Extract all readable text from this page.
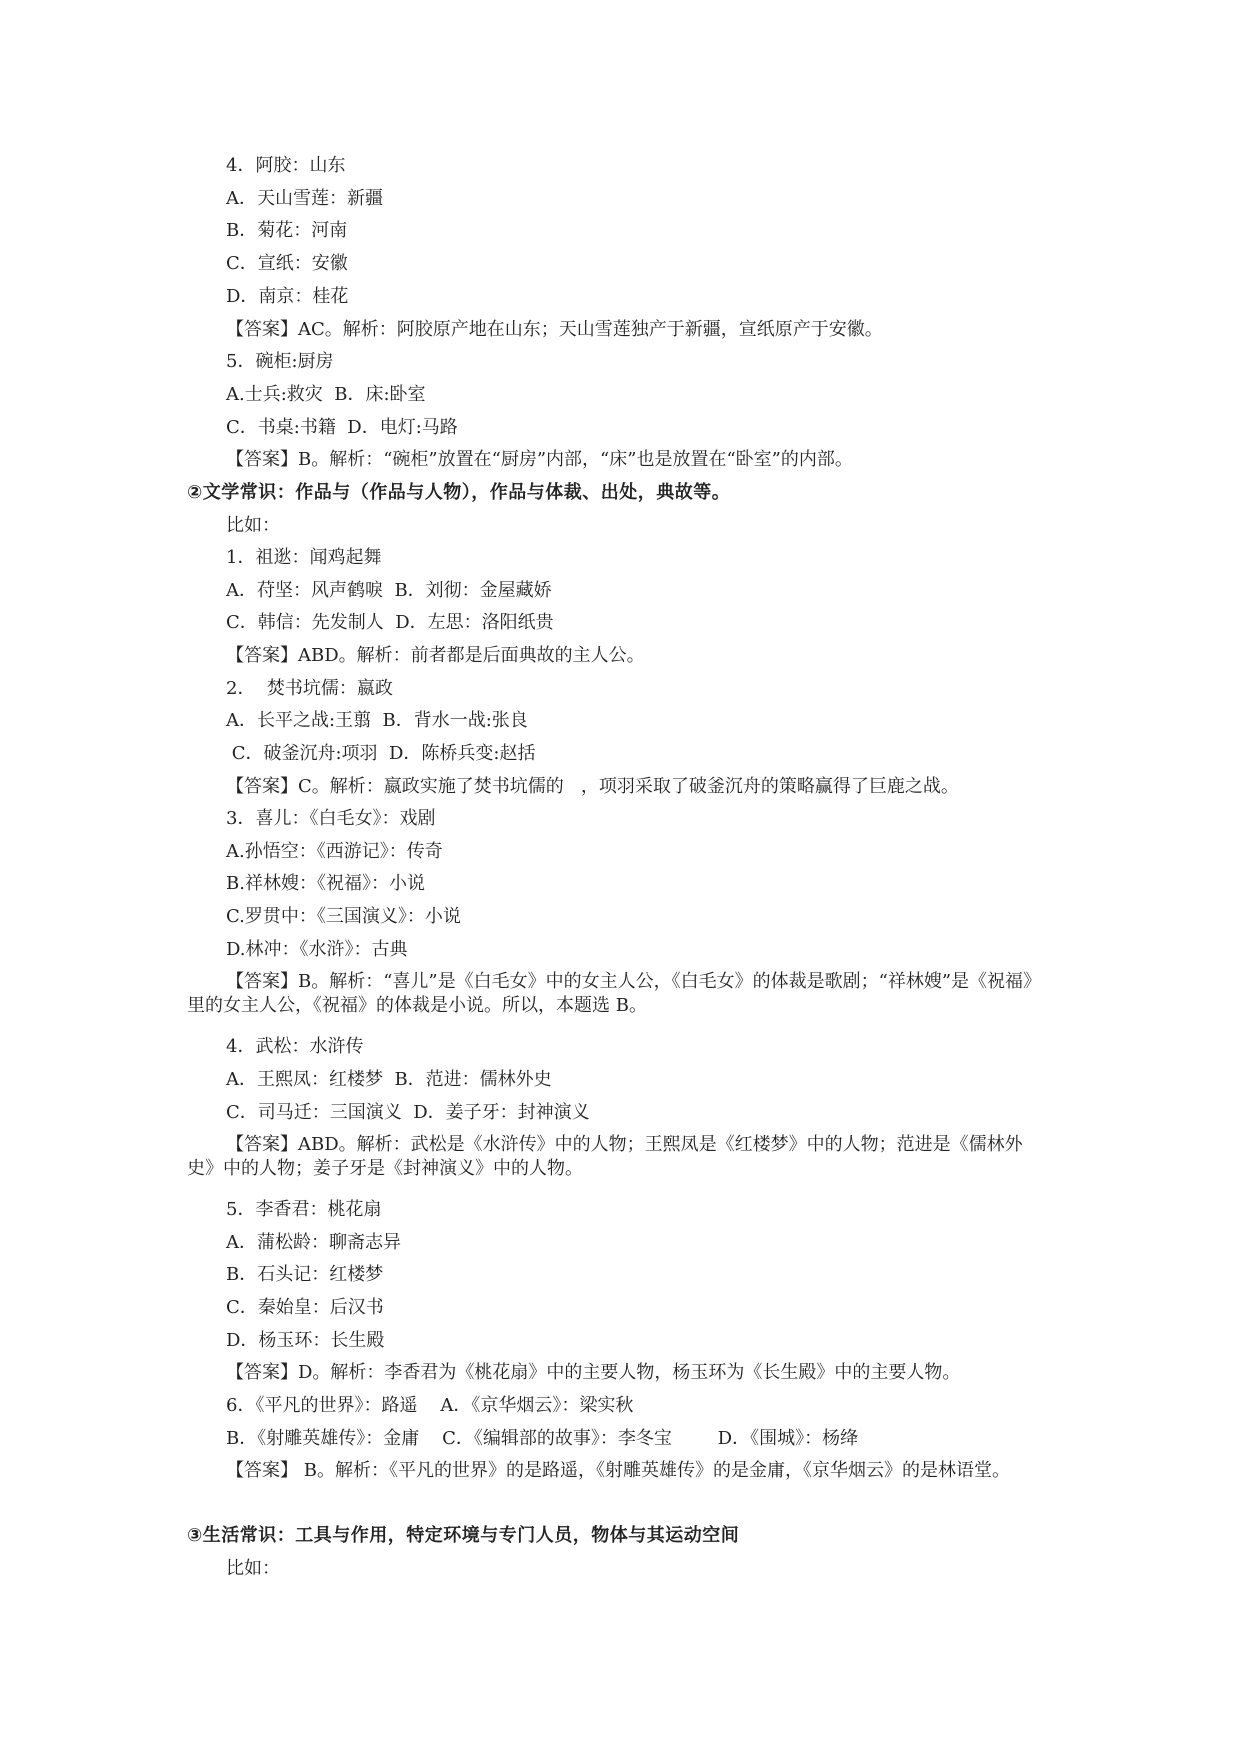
4．阿胶：山东
A．天山雪莲：新疆
B．菊花：河南
C．宣纸：安徽
D．南京：桂花
【答案】AC。解析：阿胶原产地在山东；天山雪莲独产于新疆，宣纸原产于安徽。
5．碗柜:厨房
A.士兵:救灾  B．床:卧室
C．书桌:书籍  D．电灯:马路
【答案】B。解析：“碗柜”放置在“厨房”内部，“床”也是放置在“卧室”的内部。
②文学常识：作品与（作品与人物），作品与体裁、出处，典故等。
比如：
1．祖逖：闻鸡起舞
A．苻坚：风声鹤唳  B．刘彻：金屋藏娇
C．韩信：先发制人  D．左思：洛阳纸贵
【答案】ABD。解析：前者都是后面典故的主人公。
2．  焚书坑儒：嬴政
A．长平之战:王翦  B．背水一战:张良
C．破釜沉舟:项羽  D．陈桥兵变:赵括
【答案】C。解析：嬴政实施了焚书坑儒的   ，项羽采取了破釜沉舟的策略赢得了巨鹿之战。
3．喜儿：《白毛女》：戏剧
A.孙悟空：《西游记》：传奇
B.祥林嫂：《祝福》：小说
C.罗贯中：《三国演义》：小说
D.林冲：《水浒》：古典
【答案】B。解析：“喜儿”是《白毛女》中的女主人公，《白毛女》的体裁是歌剧；“祥林嫂”是《祝福》里的女主人公，《祝福》的体裁是小说。所以，本题选 B。
4．武松：水浒传
A．王熙凤：红楼梦  B．范进：儒林外史
C．司马迁：三国演义  D．姜子牙：封神演义
【答案】ABD。解析：武松是《水浒传》中的人物；王熙凤是《红楼梦》中的人物；范进是《儒林外史》中的人物；姜子牙是《封神演义》中的人物。
5．李香君：桃花扇
A．蒲松龄：聊斋志异
B．石头记：红楼梦
C．秦始皇：后汉书
D．杨玉环：长生殿
【答案】D。解析：李香君为《桃花扇》中的主要人物，杨玉环为《长生殿》中的主要人物。
6．《平凡的世界》：路遥    A．《京华烟云》：梁实秋
B．《射雕英雄传》：金庸    C．《编辑部的故事》：李冬宝        D．《围城》：杨绛
【答案】 B。解析：《平凡的世界》的是路遥，《射雕英雄传》的是金庸，《京华烟云》的是林语堂。
③生活常识：工具与作用，特定环境与专门人员，物体与其运动空间
比如：
